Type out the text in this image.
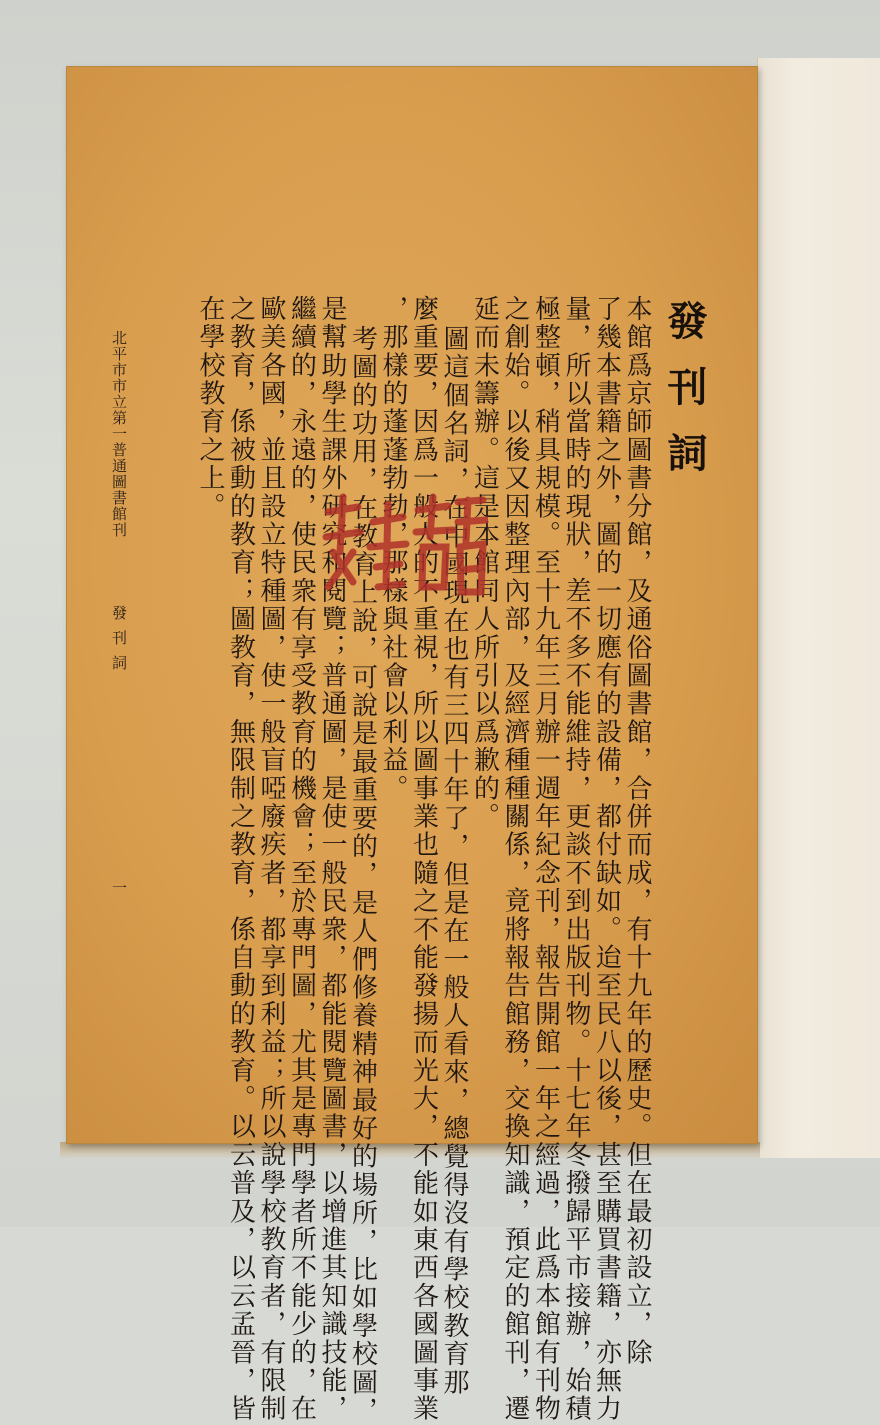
發刊詞
本館爲京師圖書分館，及通俗圖書館，合併而成，有十九年的歷史。但在最初設立，除
了幾本書籍之外，圖的一切應有的設備，都付缺如。迨至民八以後，甚至購買書籍，亦無力
量，所以當時的現狀，差不多不能維持，更談不到出版刊物。十七年冬撥歸平市接辦，始積
極整頓，稍具規模。至十九年三月辦一週年紀念刊，報告開館一年之經過，此爲本館有刊物
之創始。以後又因整理內部，及經濟種種關係，竟將報告館務，交換知識，預定的館刊，遷
延而未籌辦。這是本館同人所引以爲歉的。
圖這個名詞，在中國現在也有三四十年了，但是在一般人看來，總覺得沒有學校教育那
麼重要，因爲一般人的不重視，所以圖事業也隨之不能發揚而光大，不能如東西各國圖事業
，那樣的蓬蓬勃勃，那樣與社會以利益。
考圖的功用，在教育上說，可說是最重要的，是人們修養精神最好的場所，比如學校圖，
是幫助學生課外研究和閱覽；普通圖，是使一般民衆，都能閱覽圖書，以增進其知識技能，
繼續的，永遠的，使民衆有享受教育的機會；至於專門圖，尤其是專門學者所不能少的，在
歐美各國，並且設立特種圖，使一般盲啞廢疾者，都享到利益；所以說學校教育者，有限制
之教育，係被動的教育；圖教育，無限制之教育，係自動的教育。以云普及，以云孟晉，皆
在學校教育之上。
北平市市立第一普通圖書館刊
發刊詞
一
